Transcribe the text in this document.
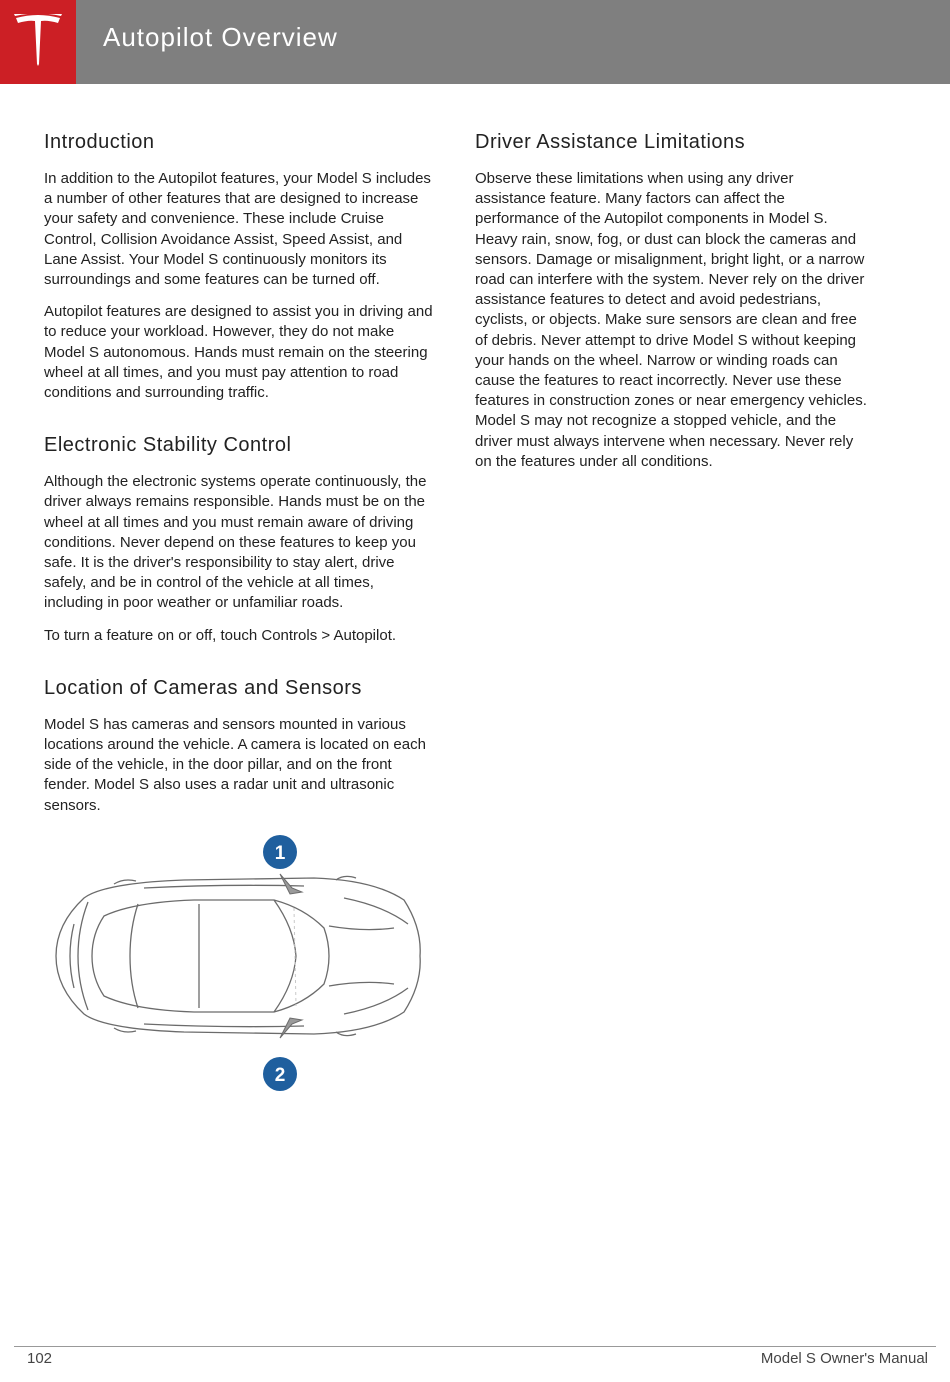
Autopilot Overview
Introduction

In addition to the Autopilot features, your Model S includes a number of other features that are designed to increase your safety and convenience. These include Cruise Control, Collision Avoidance Assist, Speed Assist, and Lane Assist. Your Model S continuously monitors its surroundings and some features can be turned off.

Autopilot features are designed to assist you in driving and to reduce your workload. However, they do not make Model S autonomous. Hands must remain on the steering wheel at all times, and you must pay attention to road conditions and surrounding traffic.

Electronic Stability Control

Although the electronic systems operate continuously, the driver always remains responsible. Hands must be on the wheel at all times and you must remain aware of driving conditions. Never depend on these features to keep you safe. It is the driver's responsibility to stay alert, drive safely, and be in control of the vehicle at all times, including in poor weather or unfamiliar roads.

To turn a feature on or off, touch Controls > Autopilot.

Location of Cameras and Sensors

Model S has cameras and sensors mounted in various locations around the vehicle. A camera is located on each side of the vehicle, in the door pillar, and on the front fender. Model S also uses a radar unit and ultrasonic sensors.

1
2
Driver Assistance Limitations

Observe these limitations when using any driver assistance feature. Many factors can affect the performance of the Autopilot components in Model S. Heavy rain, snow, fog, or dust can block the cameras and sensors. Damage or misalignment, bright light, or a narrow road can interfere with the system. Never rely on the driver assistance features to detect and avoid pedestrians, cyclists, or objects. Make sure sensors are clean and free of debris. Never attempt to drive Model S without keeping your hands on the wheel. Narrow or winding roads can cause the features to react incorrectly. Never use these features in construction zones or near emergency vehicles. Model S may not recognize a stopped vehicle, and the driver must always intervene when necessary. Never rely on the features under all conditions.

102	Model S Owner's Manual
